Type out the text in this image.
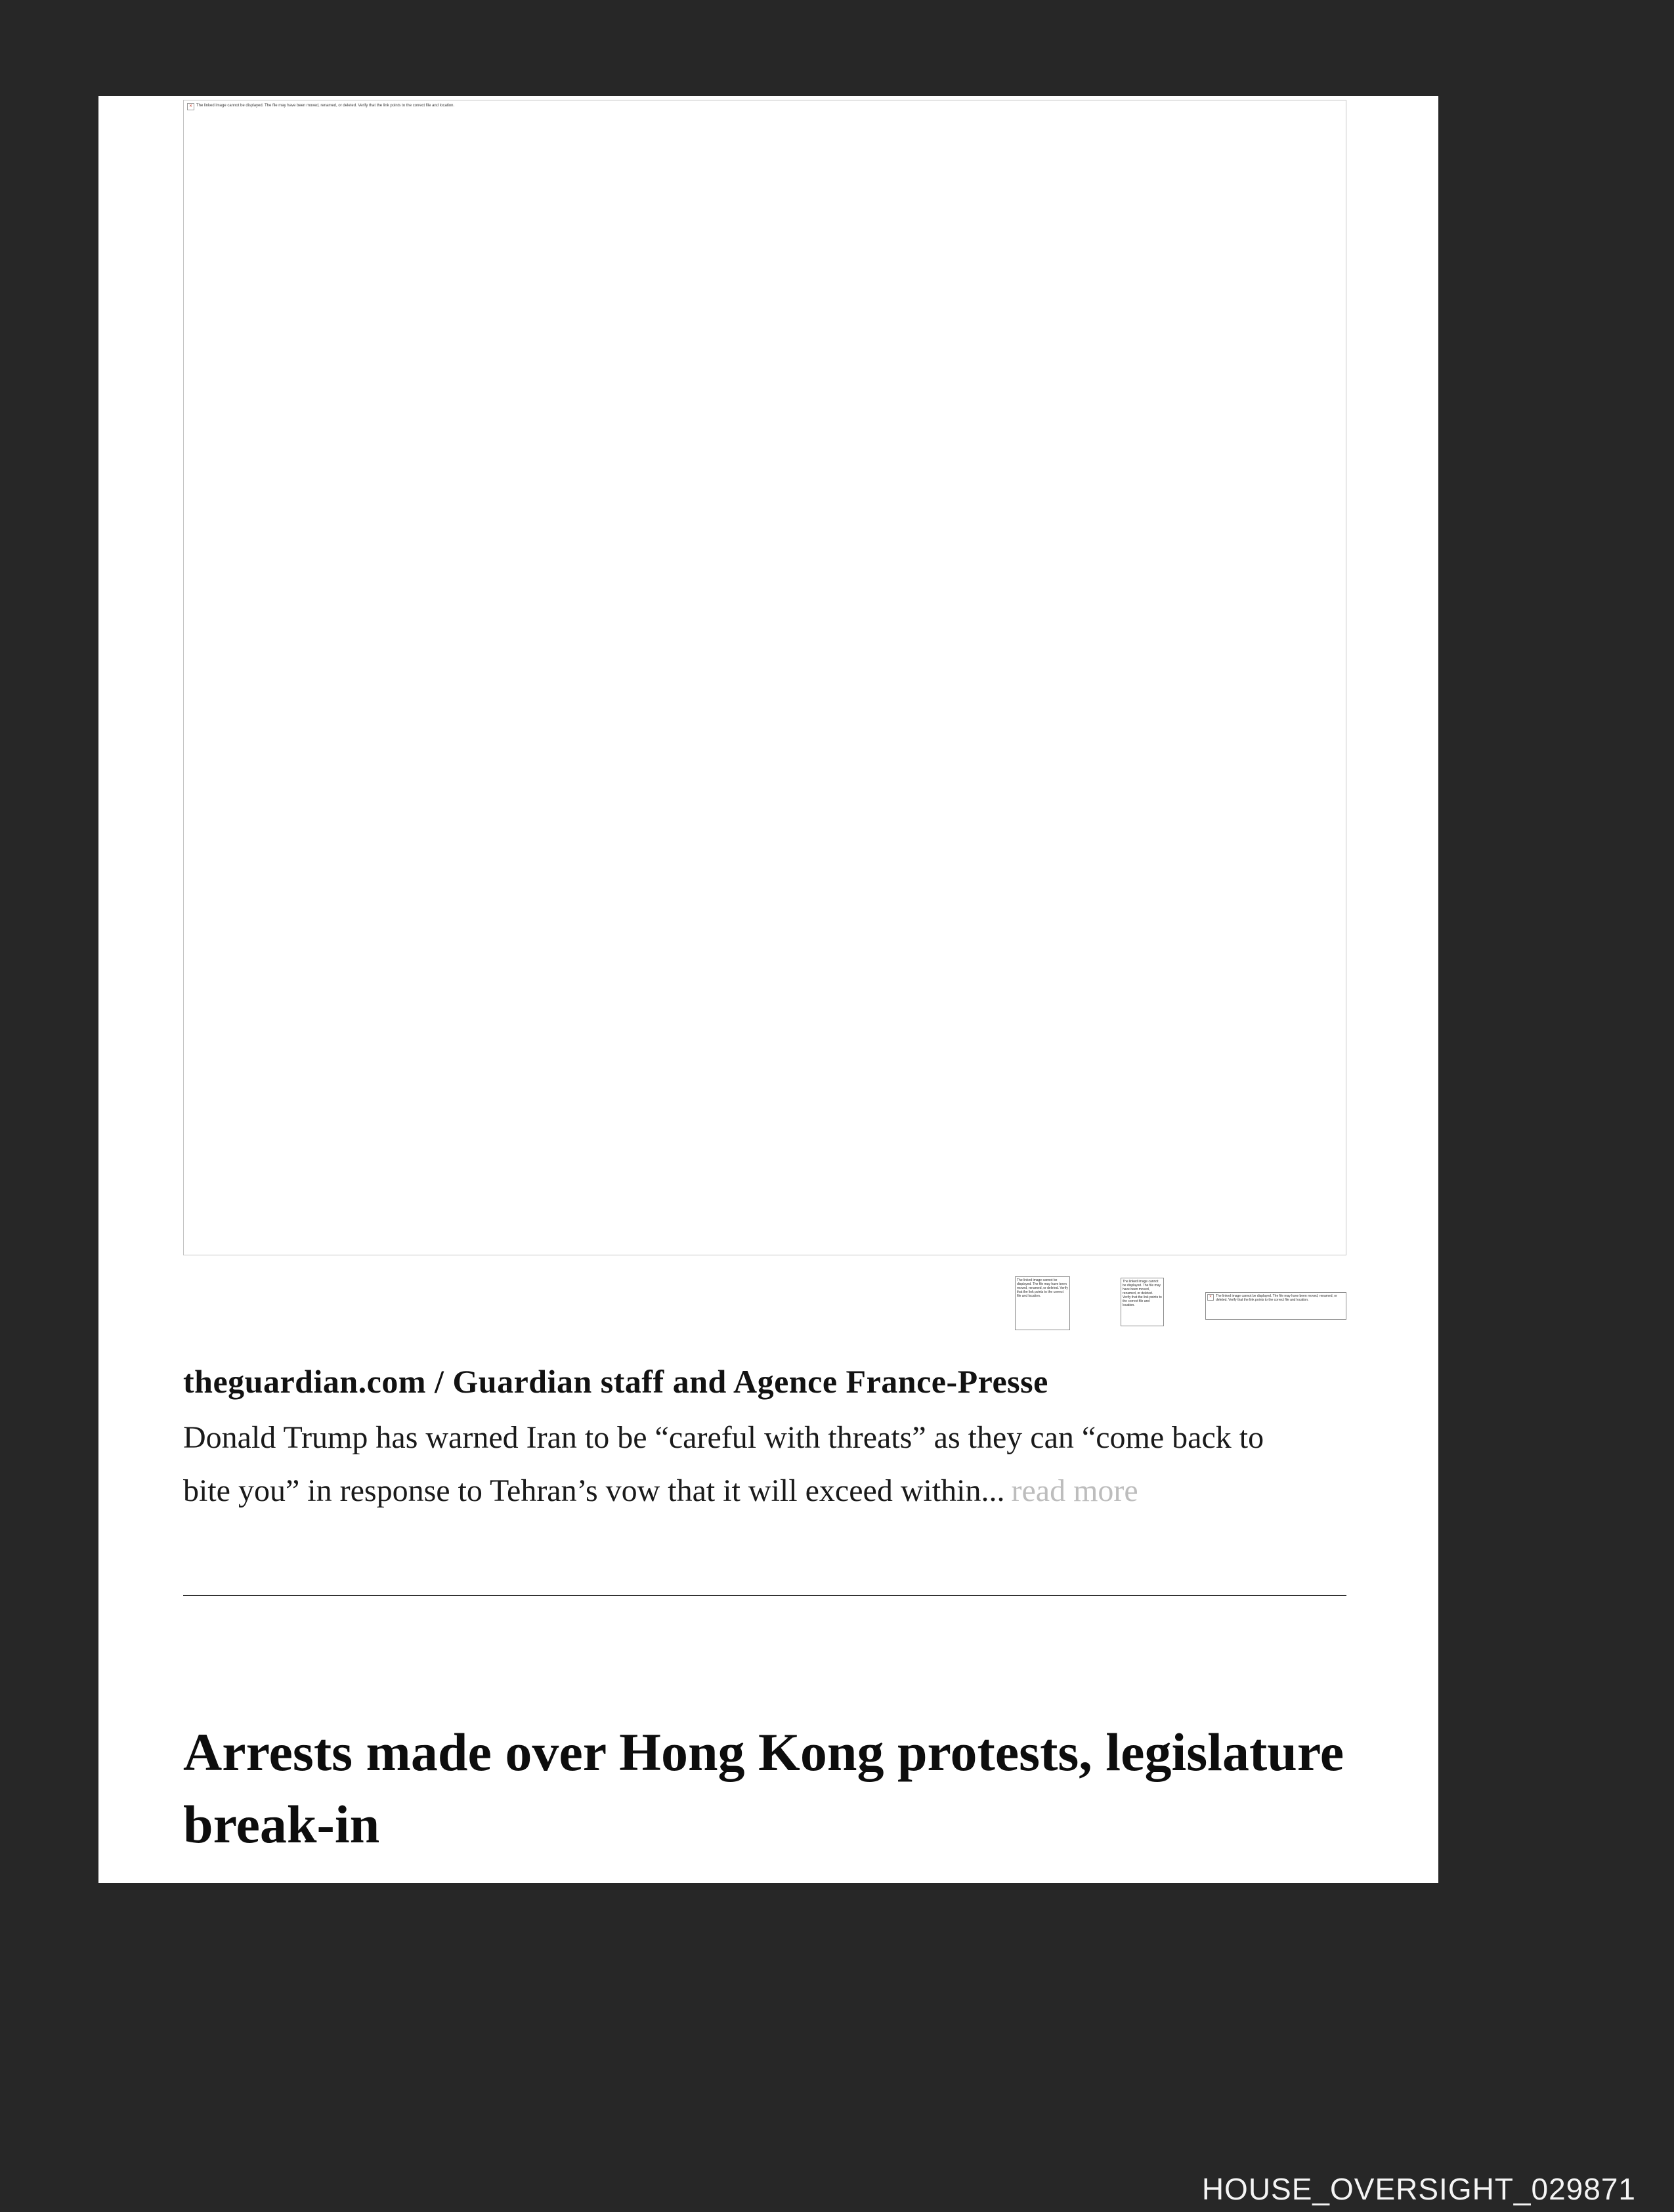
✕ The linked image cannot be displayed. The file may have been moved, renamed, or deleted. Verify that the link points to the correct file and location.
The linked image cannot be displayed. The file may have been moved, renamed, or deleted. Verify that the link points to the correct file and location.
The linked image cannot be displayed. The file may have been moved, renamed, or deleted. Verify that the link points to the correct file and location.
✕	The linked image cannot be displayed. The file may have been moved, renamed, or deleted. Verify that the link points to the correct file and location.
theguardian.com / Guardian staff and Agence France-Presse

Donald Trump has warned Iran to be “careful with threats” as they can “come back to bite you” in response to Tehran’s vow that it will exceed within... read more

Arrests made over Hong Kong protests, legislature break-in
HOUSE_OVERSIGHT_029871
